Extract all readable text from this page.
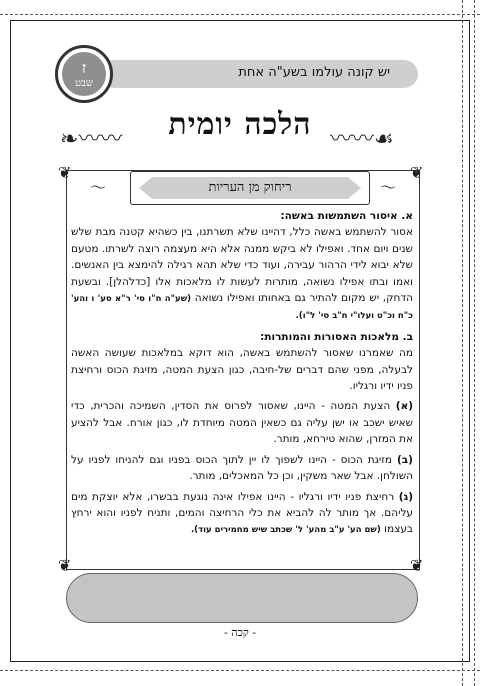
יש קונה עולמו בשע"ה אחת
ז
שבט
❧〰〰	הלכה יומית 〰〰☙
❦	❦
〜	〜
❦	❦
ריחוק מן העריות

א. איסור השתמשות באשה:
אסור להשתמש באשה כלל, דהיינו שלא תשרתנו, בין כשהיא קטנה מבת שלש שנים ויום אחד. ואפילו לא ביקש ממנה אלא היא מעצמה רוצה לשרתו. מטעם שלא יבוא לידי הרהור עבירה, ועוד כדי שלא תהא רגילה להימצא בין האנשים. ואמו ובתו אפילו נשואה, מותרות לעשות לו מלאכות אלו [כדלהלן]. ובשעת הדחק, יש מקום להתיר גם באחותו ואפילו נשואה (שע"ה ח"ו סי' ר"א סע' ו והע' כ"ח וכ"ט ועלו"י ח"ב סי' ל"ו).

ב. מלאכות האסורות והמותרות:
מה שאמרנו שאסור להשתמש באשה, הוא דוקא במלאכות שעושה האשה לבעלה, מפני שהם דברים של-חיבה, כגון הצעת המטה, מזיגת הכוס ורחיצת פניו ידיו ורגליו.

(א) הצעת המטה - היינו, שאסור לפרוס את הסדין, השמיכה והכרית, כדי שאיש ישכב או ישן עליה גם כשאין המטה מיוחדת לו, כגון אורח. אבל להציע את המזרן, שהוא טירחא, מותר.

(ב) מזיגת הכוס - היינו לשפוך לו יין לתוך הכוס בפניו וגם להניחו לפניו על השולחן. אבל שאר משקין, וכן כל המאכלים, מותר.

(ג) רחיצת פניו ידיו ורגליו - היינו אפילו אינה נוגעת בבשרו, אלא יוצקת מים עליהם. אך מותר לה להביא את כלי הרחיצה והמים, ותניח לפניו והוא ירחץ בעצמו (שם הע' ע"ב מהע' ל' שכתב שיש מחמירים עוד).

- קכה -
